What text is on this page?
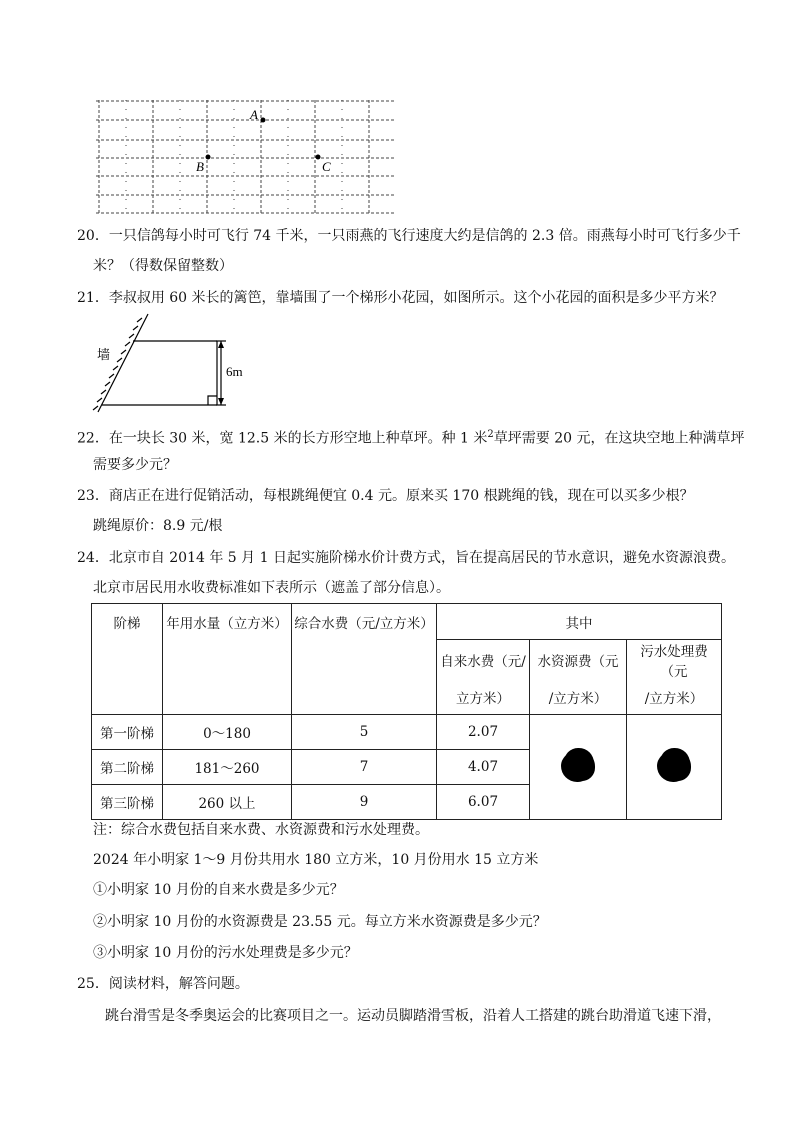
A
B	C
20．一只信鸽每小时可飞行 74 千米，一只雨燕的飞行速度大约是信鸽的 2.3 倍。雨燕每小时可飞行多少千
米？（得数保留整数）
21．李叔叔用 60 米长的篱笆，靠墙围了一个梯形小花园，如图所示。这个小花园的面积是多少平方米？
墙
6m
22．在一块长 30 米，宽 12.5 米的长方形空地上种草坪。种 1 米$^2$草坪需要 20 元，在这块空地上种满草坪
需要多少元？
23．商店正在进行促销活动，每根跳绳便宜 0.4 元。原来买 170 根跳绳的钱，现在可以买多少根？
跳绳原价：8.9 元/根
24．北京市自 2014 年 5 月 1 日起实施阶梯水价计费方式，旨在提高居民的节水意识，避免水资源浪费。
北京市居民用水收费标准如下表所示（遮盖了部分信息）。
阶梯	年用水量（立方米）	综合水费（元/立方米）	其中		
			自来水费（元/	水资源费（元	污水处理费（元
			立方米）	/立方米）	/立方米）
第一阶梯	0～180	5	2.07		
第二阶梯	181～260	7	4.07		
第三阶梯	260 以上	9	6.07		
注：综合水费包括自来水费、水资源费和污水处理费。
2024 年小明家 1～9 月份共用水 180 立方米，10 月份用水 15 立方米
①小明家 10 月份的自来水费是多少元？
②小明家 10 月份的水资源费是 23.55 元。每立方米水资源费是多少元？
③小明家 10 月份的污水处理费是多少元？
25．阅读材料，解答问题。
跳台滑雪是冬季奥运会的比赛项目之一。运动员脚踏滑雪板，沿着人工搭建的跳台助滑道飞速下滑，
